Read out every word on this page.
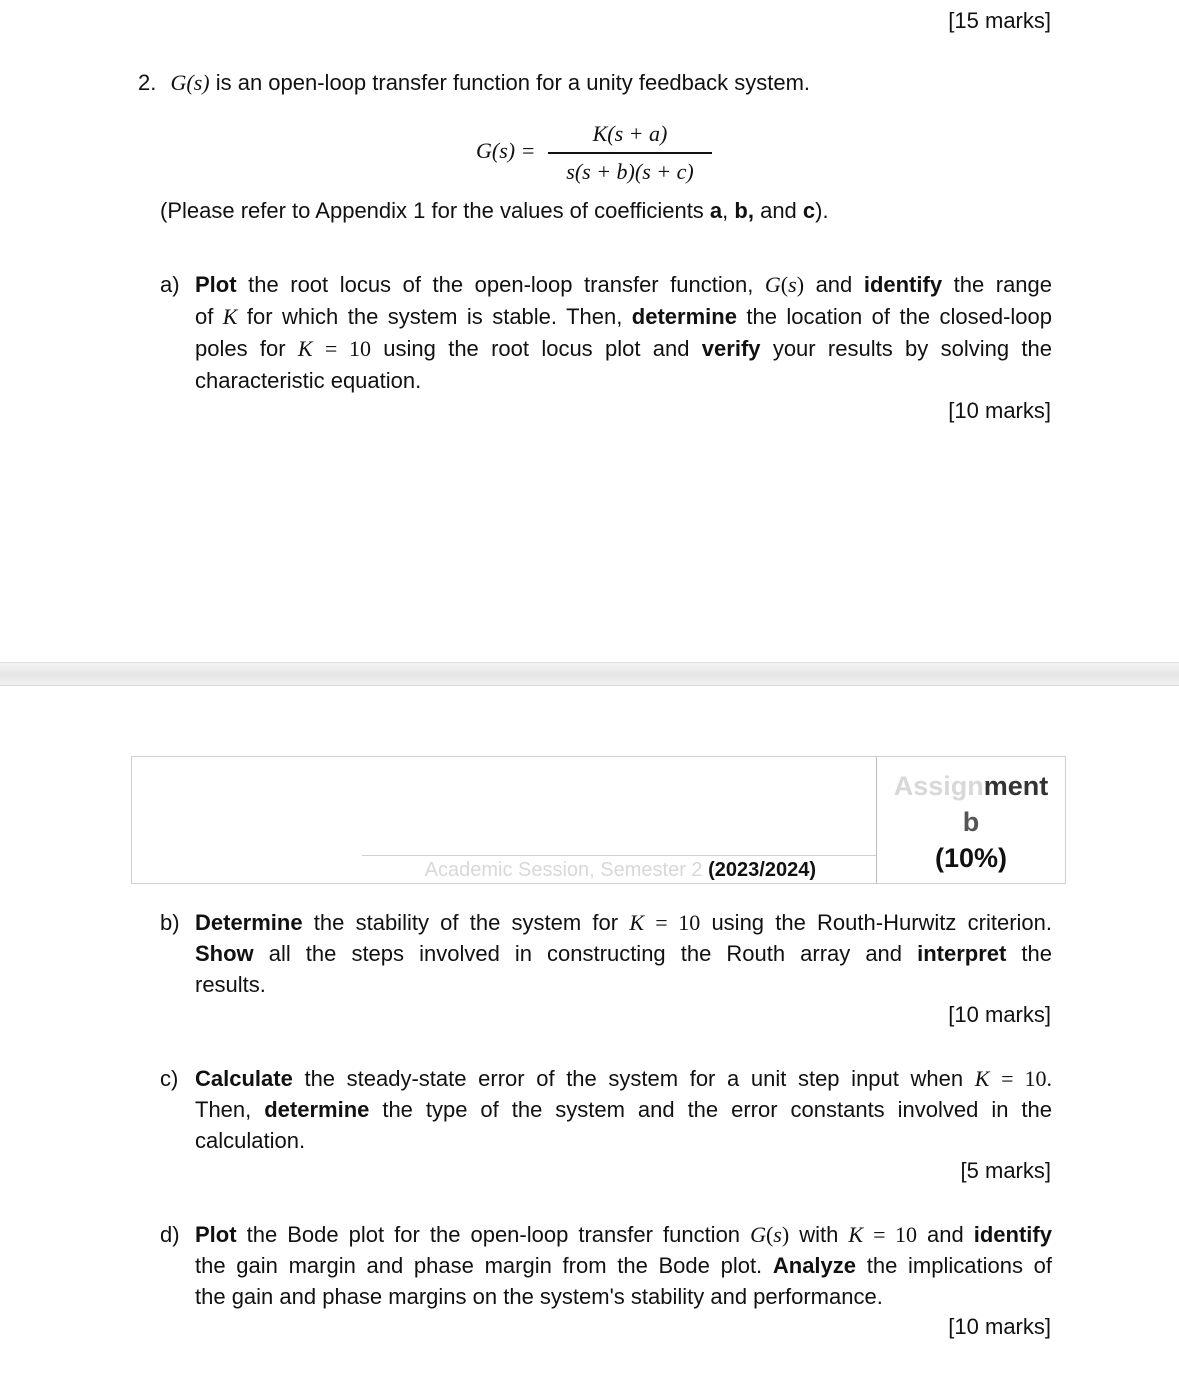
[15 marks]
2. G(s) is an open-loop transfer function for a unity feedback system.
G(s) =
K(s + a)
s(s + b)(s + c)
(Please refer to Appendix 1 for the values of coefficients a, b, and c).
a) Plot the root locus of the open-loop transfer function, G(s) and identify the range
of K for which the system is stable. Then, determine the location of the closed-loop
poles for K = 10 using the root locus plot and verify your results by solving the
characteristic equation.
[10 marks]
Assignment
b
(10%)
Academic Session, Semester 2 (2023/2024)
b) Determine the stability of the system for K = 10 using the Routh-Hurwitz criterion.
Show all the steps involved in constructing the Routh array and interpret the
results.
[10 marks]
c) Calculate the steady-state error of the system for a unit step input when K = 10.
Then, determine the type of the system and the error constants involved in the
calculation.
[5 marks]
d) Plot the Bode plot for the open-loop transfer function G(s) with K = 10 and identify
the gain margin and phase margin from the Bode plot. Analyze the implications of
the gain and phase margins on the system's stability and performance.
[10 marks]
